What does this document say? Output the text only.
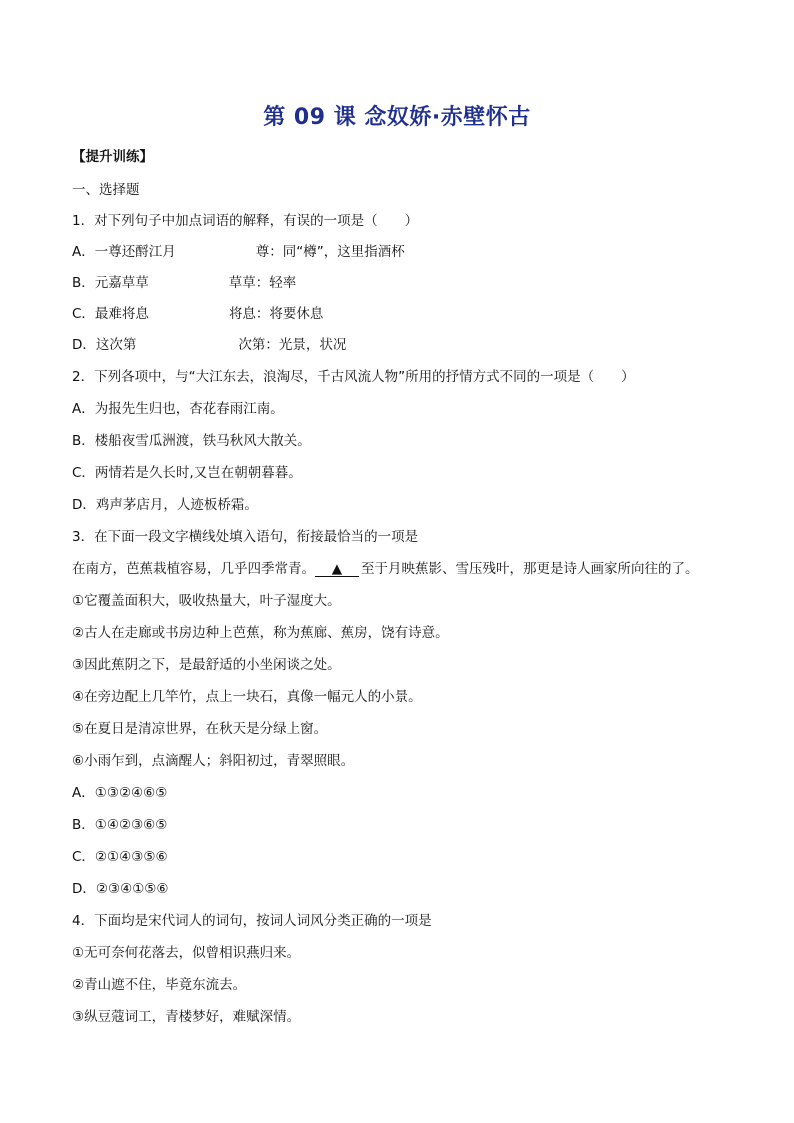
第 09 课 念奴娇·赤壁怀古
【提升训练】
一、选择题
1．对下列句子中加点词语的解释，有误的一项是（　　）
A．一尊还酹江月	尊：同“樽”，这里指酒杯
B．元嘉草草	草草：轻率
C．最难将息	将息：将要休息
D．这次第	次第：光景，状况
2．下列各项中，与“大江东去，浪淘尽，千古风流人物”所用的抒情方式不同的一项是（　　）
A．为报先生归也，杏花春雨江南。
B．楼船夜雪瓜洲渡，铁马秋风大散关。
C．两情若是久长时,又岂在朝朝暮暮。
D．鸡声茅店月，人迹板桥霜。
3．在下面一段文字横线处填入语句，衔接最恰当的一项是
在南方，芭蕉栽植容易，几乎四季常青。 ▲ 至于月映蕉影、雪压残叶，那更是诗人画家所向往的了。
①它覆盖面积大，吸收热量大，叶子湿度大。
②古人在走廊或书房边种上芭蕉，称为蕉廊、蕉房，饶有诗意。
③因此蕉阴之下，是最舒适的小坐闲谈之处。
④在旁边配上几竿竹，点上一块石，真像一幅元人的小景。
⑤在夏日是清凉世界，在秋天是分绿上窗。
⑥小雨乍到，点滴醒人；斜阳初过，青翠照眼。
A．①③②④⑥⑤
B．①④②③⑥⑤
C．②①④③⑤⑥
D．②③④①⑤⑥
4．下面均是宋代词人的词句，按词人词风分类正确的一项是
①无可奈何花落去，似曾相识燕归来。
②青山遮不住，毕竟东流去。
③纵豆蔻词工，青楼梦好，难赋深情。
